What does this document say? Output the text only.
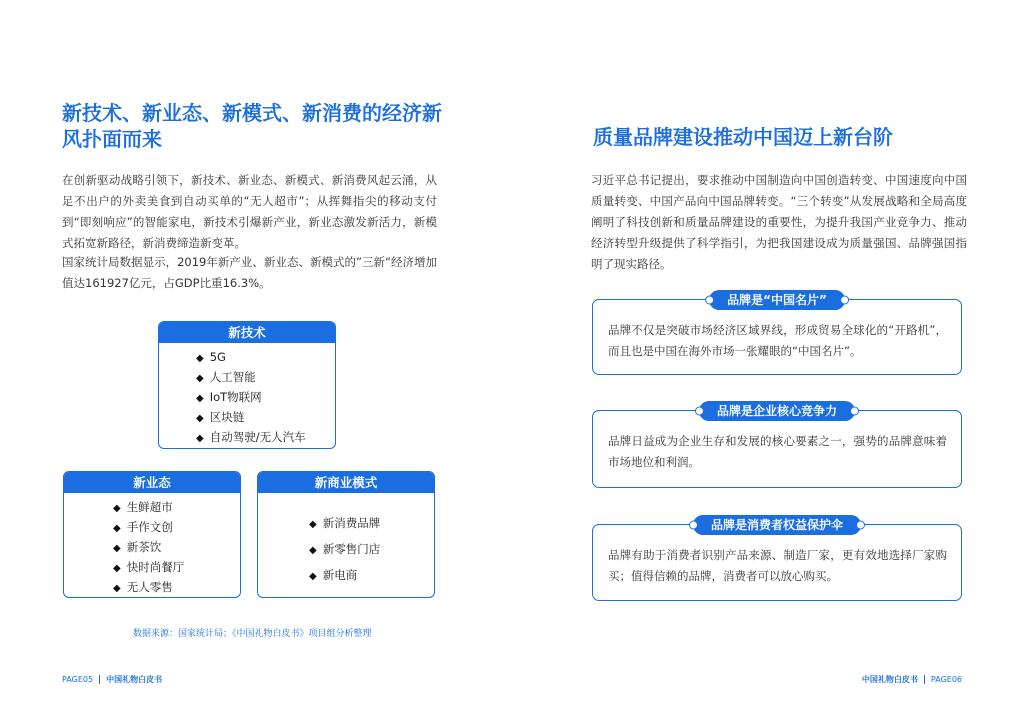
新技术、新业态、新模式、新消费的经济新风扑面而来

在创新驱动战略引领下，新技术、新业态、新模式、新消费风起云涌，从足不出户的外卖美食到自动买单的“无人超市”；从挥舞指尖的移动支付到“即刻响应”的智能家电，新技术引爆新产业，新业态激发新活力，新模式拓宽新路径，新消费缔造新变革。

国家统计局数据显示，2019年新产业、新业态、新模式的”三新“经济增加值达161927亿元，占GDP比重16.3%。

新技术
◆ 5G
◆ 人工智能
◆ IoT物联网
◆ 区块链
◆ 自动驾驶/无人汽车
新业态
◆ 生鲜超市
◆ 手作文创
◆ 新茶饮
◆ 快时尚餐厅
◆ 无人零售
新商业模式
◆ 新消费品牌
◆ 新零售门店
◆ 新电商
数据来源：国家统计局；《中国礼物白皮书》项目组分析整理
PAGE05 中国礼物白皮书
质量品牌建设推动中国迈上新台阶

习近平总书记提出，要求推动中国制造向中国创造转变、中国速度向中国质量转变、中国产品向中国品牌转变。“三个转变”从发展战略和全局高度阐明了科技创新和质量品牌建设的重要性，为提升我国产业竞争力、推动经济转型升级提供了科学指引，为把我国建设成为质量强国、品牌强国指明了现实路径。

品牌是“中国名片”

品牌不仅是突破市场经济区域界线，形成贸易全球化的“开路机”，而且也是中国在海外市场一张耀眼的“中国名片”。

品牌是企业核心竞争力

品牌日益成为企业生存和发展的核心要素之一，强势的品牌意味着市场地位和利润。

品牌是消费者权益保护伞

品牌有助于消费者识别产品来源、制造厂家，更有效地选择厂家购买；值得信赖的品牌，消费者可以放心购买。

中国礼物白皮书 PAGE06
